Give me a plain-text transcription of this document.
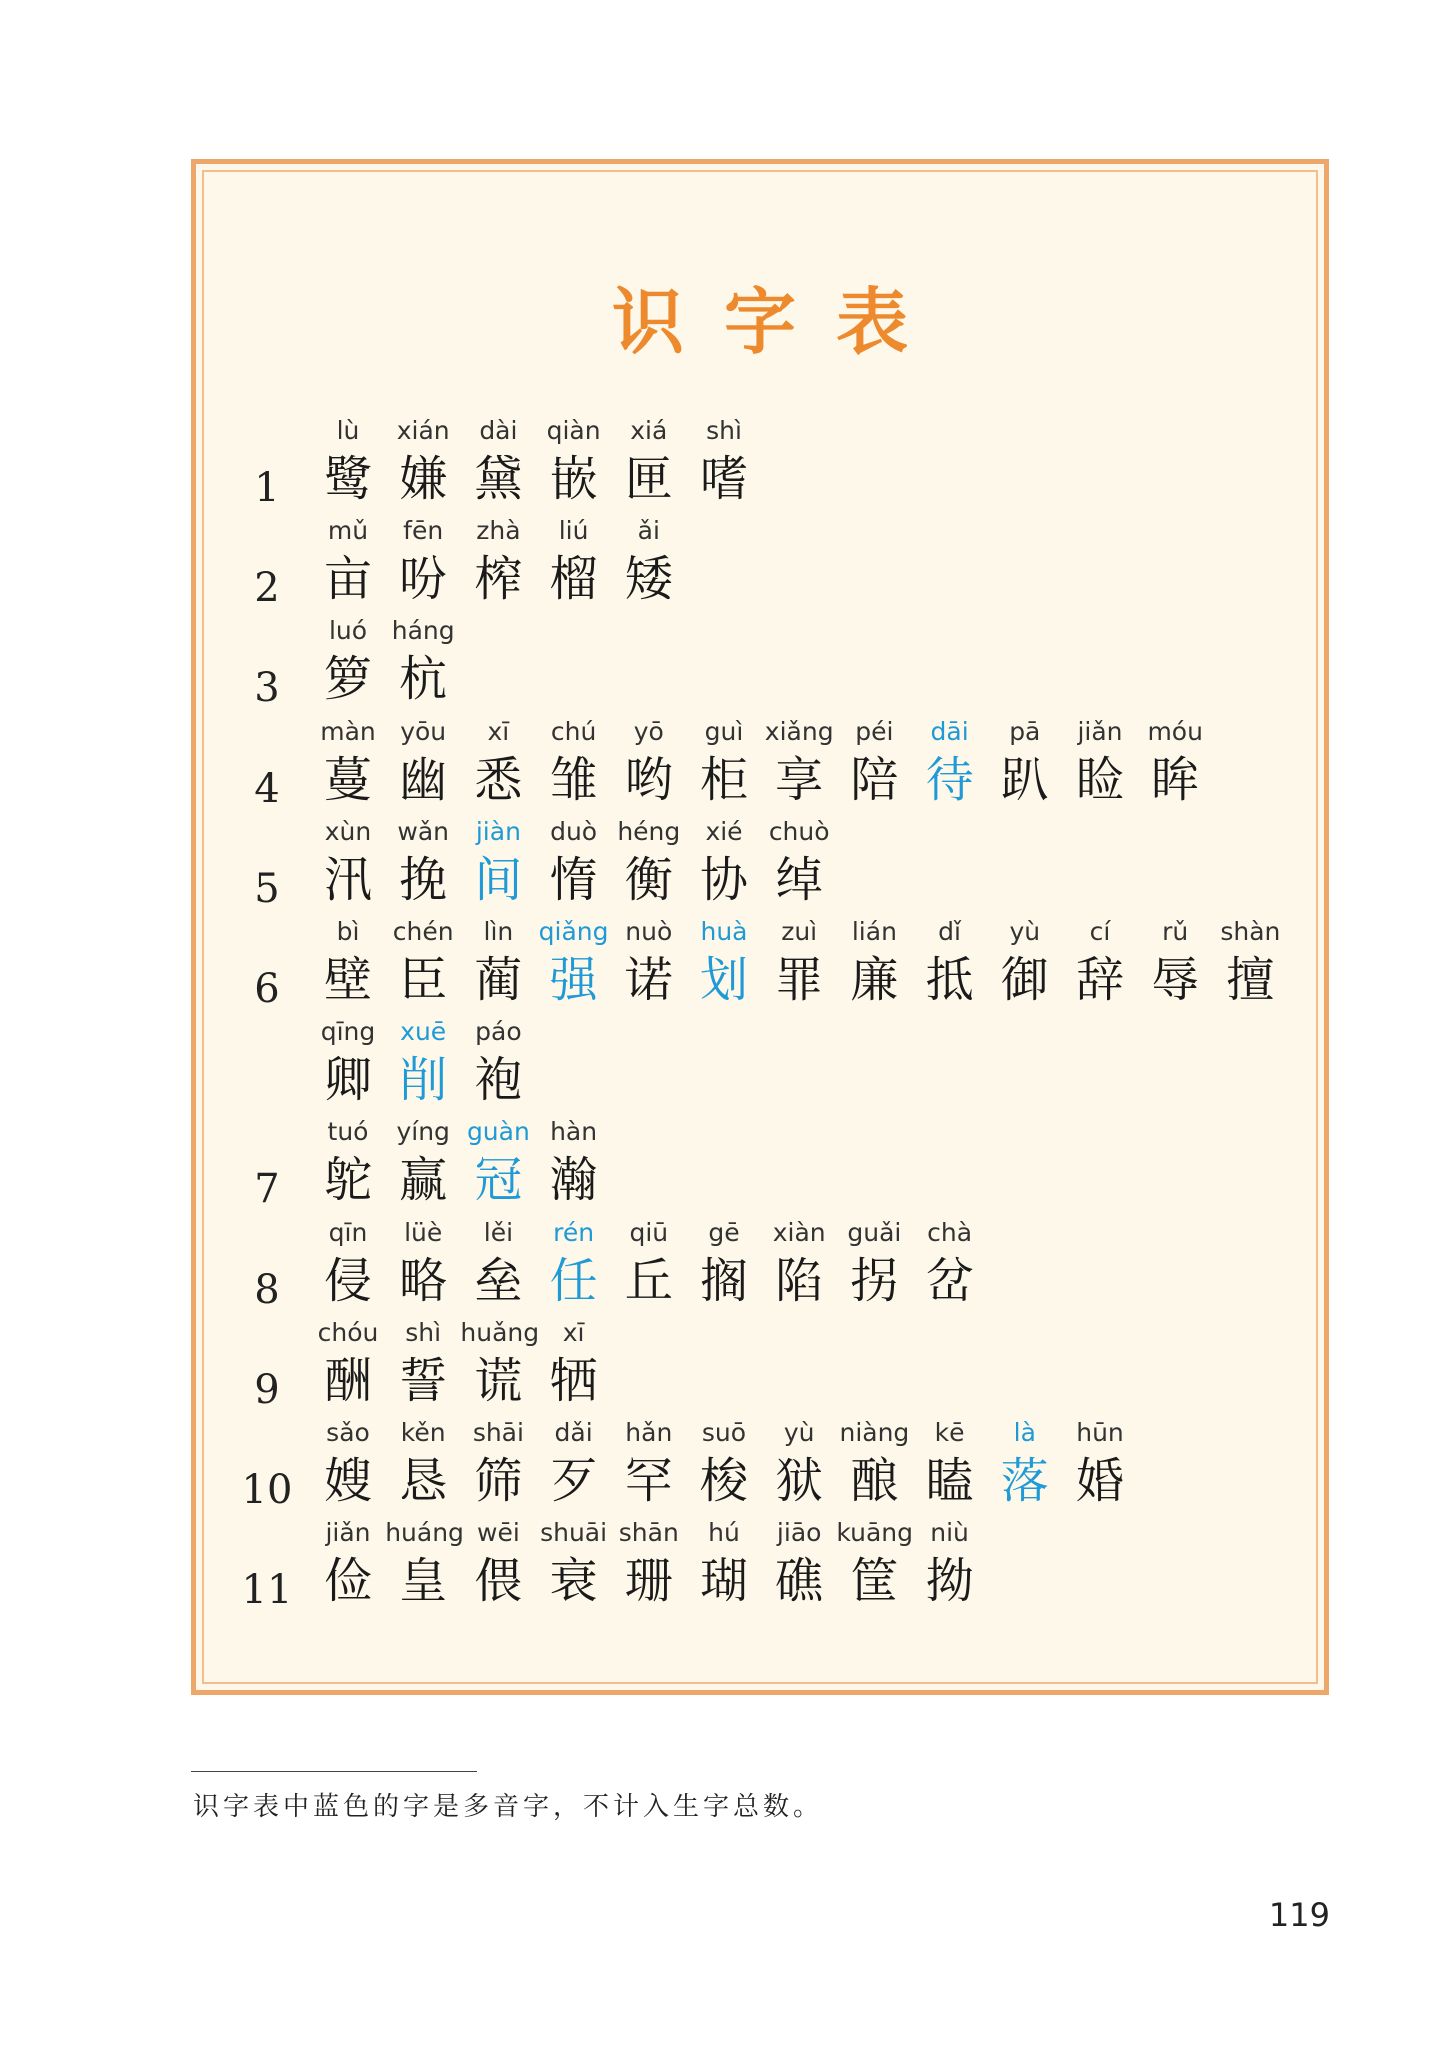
识字表
1
lù
鹭
xián
嫌
dài
黛
qiàn
嵌
xiá
匣
shì
嗜
2
mǔ
亩
fēn
吩
zhà
榨
liú
榴
ǎi
矮
3
luó
箩
háng
杭
4
màn
蔓
yōu
幽
xī
悉
chú
雏
yō
哟
guì
柜
xiǎng
享
péi
陪
dāi
待
pā
趴
jiǎn
睑
móu
眸
5
xùn
汛
wǎn
挽
jiàn
间
duò
惰
héng
衡
xié
协
chuò
绰
6
bì
壁
chén
臣
lìn
蔺
qiǎng
强
nuò
诺
huà
划
zuì
罪
lián
廉
dǐ
抵
yù
御
cí
辞
rǔ
辱
shàn
擅
qīng
卿
xuē
削
páo
袍
7
tuó
鸵
yíng
赢
guàn
冠
hàn
瀚
8
qīn
侵
lüè
略
lěi
垒
rén
任
qiū
丘
gē
搁
xiàn
陷
guǎi
拐
chà
岔
9
chóu
酬
shì
誓
huǎng
谎
xī
牺
10
sǎo
嫂
kěn
恳
shāi
筛
dǎi
歹
hǎn
罕
suō
梭
yù
狱
niàng
酿
kē
瞌
là
落
hūn
婚
11
jiǎn
俭
huáng
皇
wēi
偎
shuāi
衰
shān
珊
hú
瑚
jiāo
礁
kuāng
筐
niù
拗

识字表中蓝色的字是多音字，不计入生字总数。

119
